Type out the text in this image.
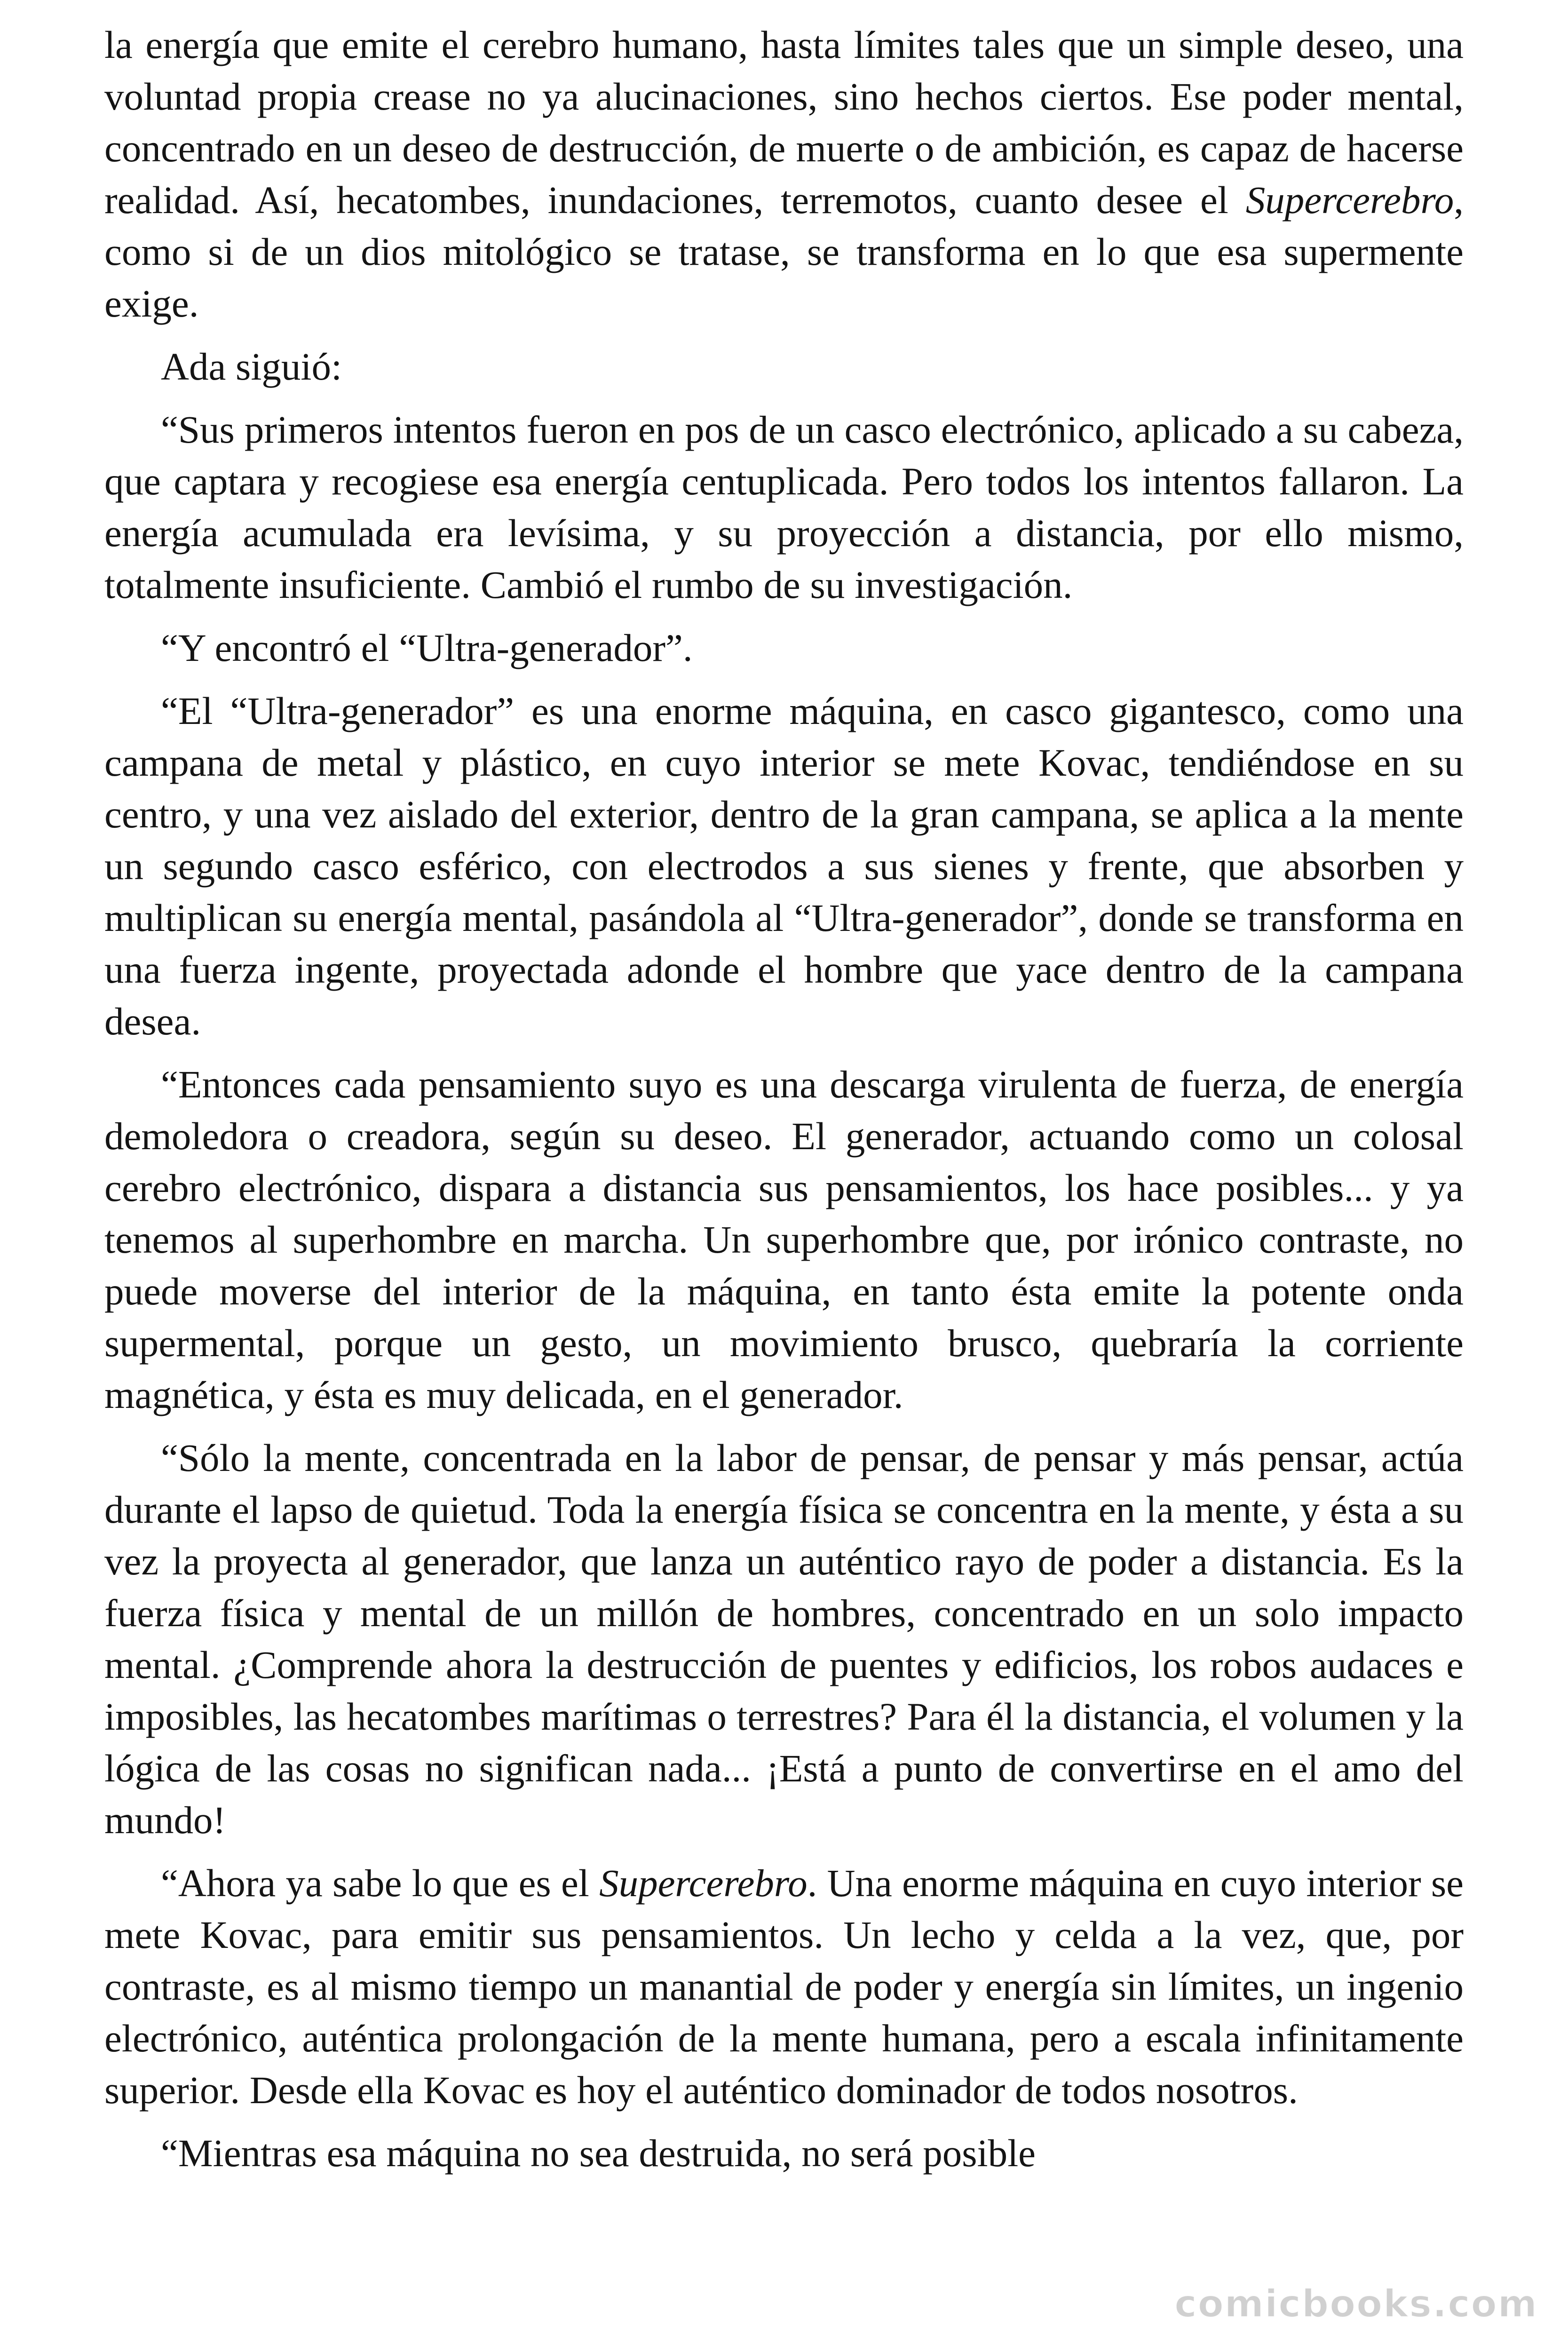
la energía que emite el cerebro humano, hasta límites tales que un simple deseo, una voluntad propia crease no ya alucinaciones, sino hechos ciertos. Ese poder mental, concentrado en un deseo de destrucción, de muerte o de ambición, es capaz de hacerse realidad. Así, hecatombes, inundaciones, terremotos, cuanto desee el Supercerebro, como si de un dios mitológico se tratase, se transforma en lo que esa supermente exige.

Ada siguió:

“Sus primeros intentos fueron en pos de un casco electrónico, aplicado a su cabeza, que captara y recogiese esa energía centuplicada. Pero todos los intentos fallaron. La energía acumulada era levísima, y su proyección a distancia, por ello mismo, totalmente insuficiente. Cambió el rumbo de su investigación.

“Y encontró el “Ultra-generador”.

“El “Ultra-generador” es una enorme máquina, en casco gigantesco, como una campana de metal y plástico, en cuyo interior se mete Kovac, tendiéndose en su centro, y una vez aislado del exterior, dentro de la gran campana, se aplica a la mente un segundo casco esférico, con electrodos a sus sienes y frente, que absorben y multiplican su energía mental, pasándola al “Ultra-generador”, donde se transforma en una fuerza ingente, proyectada adonde el hombre que yace dentro de la campana desea.

“Entonces cada pensamiento suyo es una descarga virulenta de fuerza, de energía demoledora o creadora, según su deseo. El generador, actuando como un colosal cerebro electrónico, dispara a distancia sus pensamientos, los hace posibles... y ya tenemos al superhombre en marcha. Un superhombre que, por irónico contraste, no puede moverse del interior de la máquina, en tanto ésta emite la potente onda supermental, porque un gesto, un movimiento brusco, quebraría la corriente magnética, y ésta es muy delicada, en el generador.

“Sólo la mente, concentrada en la labor de pensar, de pensar y más pensar, actúa durante el lapso de quietud. Toda la energía física se concentra en la mente, y ésta a su vez la proyecta al generador, que lanza un auténtico rayo de poder a distancia. Es la fuerza física y mental de un millón de hombres, concentrado en un solo impacto mental. ¿Comprende ahora la destrucción de puentes y edificios, los robos audaces e imposibles, las hecatombes marítimas o terrestres? Para él la distancia, el volumen y la lógica de las cosas no significan nada... ¡Está a punto de convertirse en el amo del mundo!

“Ahora ya sabe lo que es el Supercerebro. Una enorme máquina en cuyo interior se mete Kovac, para emitir sus pensamientos. Un lecho y celda a la vez, que, por contraste, es al mismo tiempo un manantial de poder y energía sin límites, un ingenio electrónico, auténtica prolongación de la mente humana, pero a escala infinitamente superior. Desde ella Kovac es hoy el auténtico dominador de todos nosotros.

“Mientras esa máquina no sea destruida, no será posible

comicbooks.com
